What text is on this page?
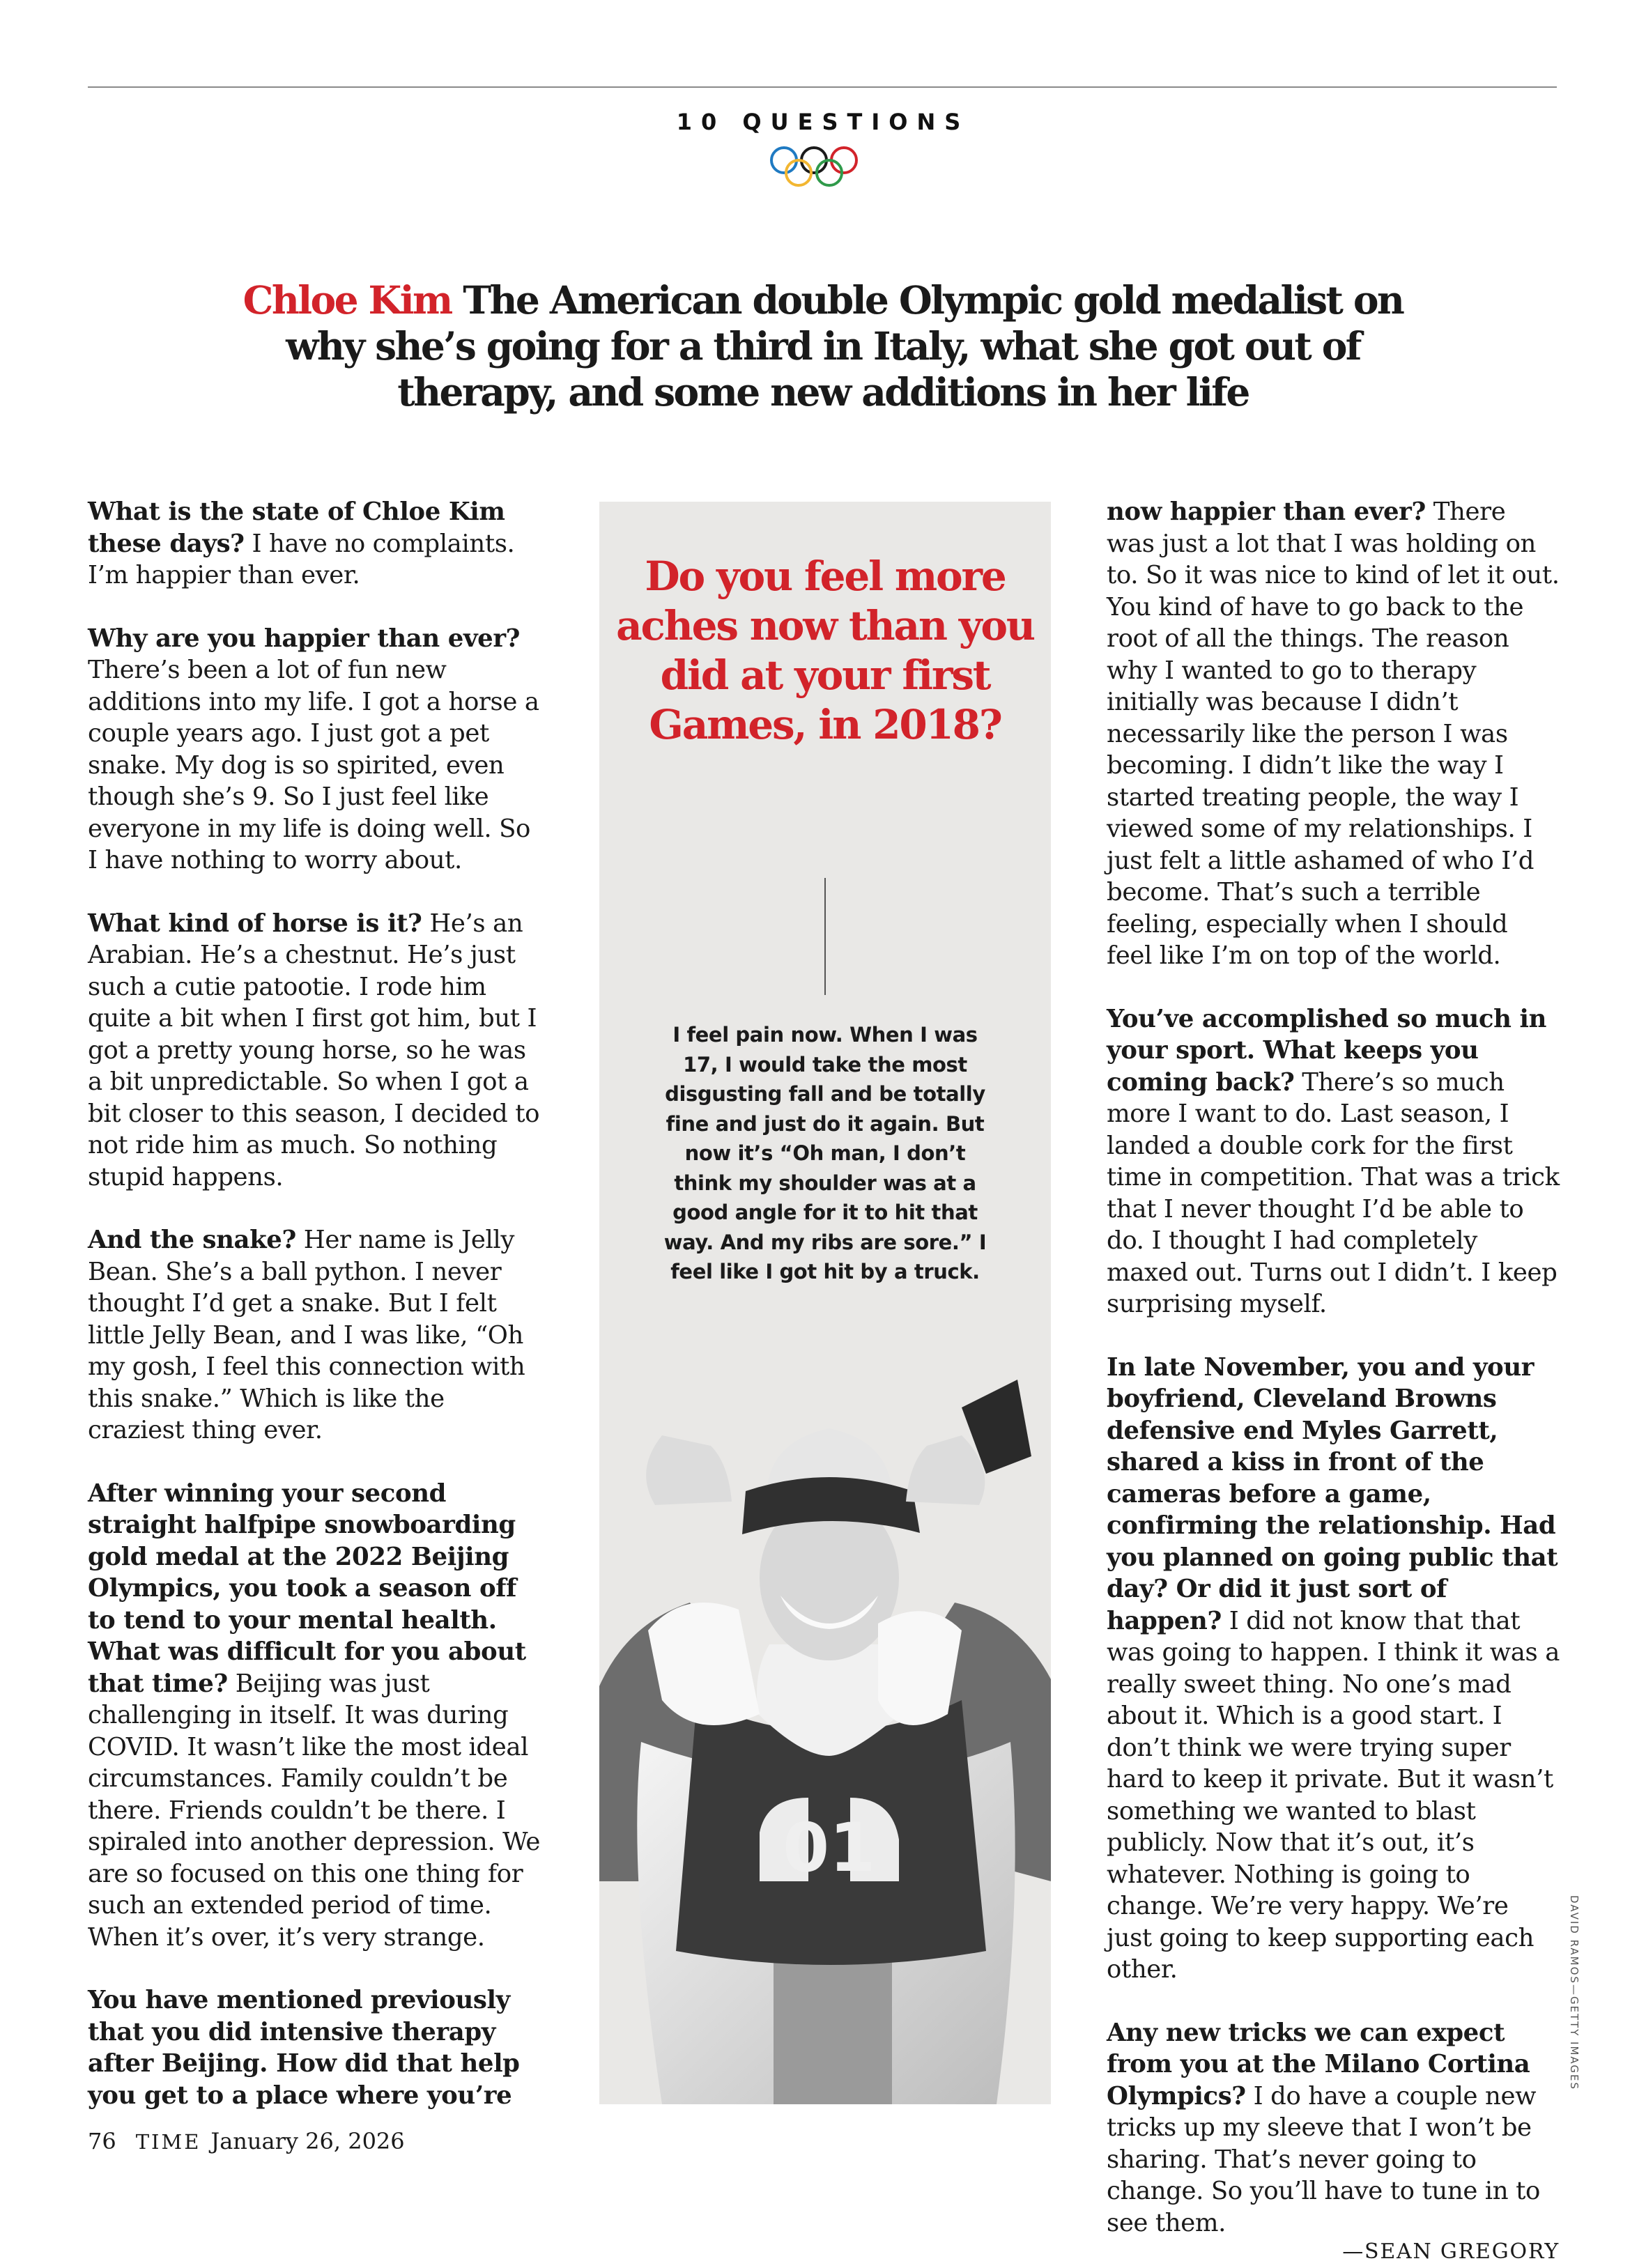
10 QUESTIONS
Chloe Kim The American double Olympic gold medalist on why she’s going for a third in Italy, what she got out of therapy, and some new additions in her life

What is the state of Chloe Kim these days? I have no complaints. I’m happier than ever.

Why are you happier than ever? There’s been a lot of fun new additions into my life. I got a horse a couple years ago. I just got a pet snake. My dog is so spirited, even though she’s 9. So I just feel like everyone in my life is doing well. So I have nothing to worry about.

What kind of horse is it? He’s an Arabian. He’s a chestnut. He’s just such a cutie patootie. I rode him quite a bit when I first got him, but I got a pretty young horse, so he was a bit unpredictable. So when I got a bit closer to this season, I decided to not ride him as much. So nothing stupid happens.

And the snake? Her name is Jelly Bean. She’s a ball python. I never thought I’d get a snake. But I felt little Jelly Bean, and I was like, “Oh my gosh, I feel this connection with this snake.” Which is like the craziest thing ever.

After winning your second straight halfpipe snowboarding gold medal at the 2022 Beijing Olympics, you took a season off to tend to your mental health. What was difficult for you about that time? Beijing was just challenging in itself. It was during COVID. It wasn’t like the most ideal circumstances. Family couldn’t be there. Friends couldn’t be there. I spiraled into another depression. We are so focused on this one thing for such an extended period of time. When it’s over, it’s very strange.

You have mentioned previously that you did intensive therapy after Beijing. How did that help you get to a place where you’re

Do you feel more aches now than you did at your first Games, in 2018?
I feel pain now. When I was 17, I would take the most disgusting fall and be totally fine and just do it again. But now it’s “Oh man, I don’t think my shoulder was at a good angle for it to hit that way. And my ribs are sore.” I feel like I got hit by a truck.
01

now happier than ever? There was just a lot that I was holding on to. So it was nice to kind of let it out. You kind of have to go back to the root of all the things. The reason why I wanted to go to therapy initially was because I didn’t necessarily like the person I was becoming. I didn’t like the way I started treating people, the way I viewed some of my relationships. I just felt a little ashamed of who I’d become. That’s such a terrible feeling, especially when I should feel like I’m on top of the world.

You’ve accomplished so much in your sport. What keeps you coming back? There’s so much more I want to do. Last season, I landed a double cork for the first time in competition. That was a trick that I never thought I’d be able to do. I thought I had completely maxed out. Turns out I didn’t. I keep surprising myself.

In late November, you and your boyfriend, Cleveland Browns defensive end Myles Garrett, shared a kiss in front of the cameras before a game, confirming the relationship. Had you planned on going public that day? Or did it just sort of happen? I did not know that that was going to happen. I think it was a really sweet thing. No one’s mad about it. Which is a good start. I don’t think we were trying super hard to keep it private. But it wasn’t something we wanted to blast publicly. Now that it’s out, it’s whatever. Nothing is going to change. We’re very happy. We’re just going to keep supporting each other.

Any new tricks we can expect from you at the Milano Cortina Olympics? I do have a couple new tricks up my sleeve that I won’t be sharing. That’s never going to change. So you’ll have to tune in to see them.

—SEAN GREGORY
DAVID RAMOS—GETTY IMAGES
76 TIME January 26, 2026
